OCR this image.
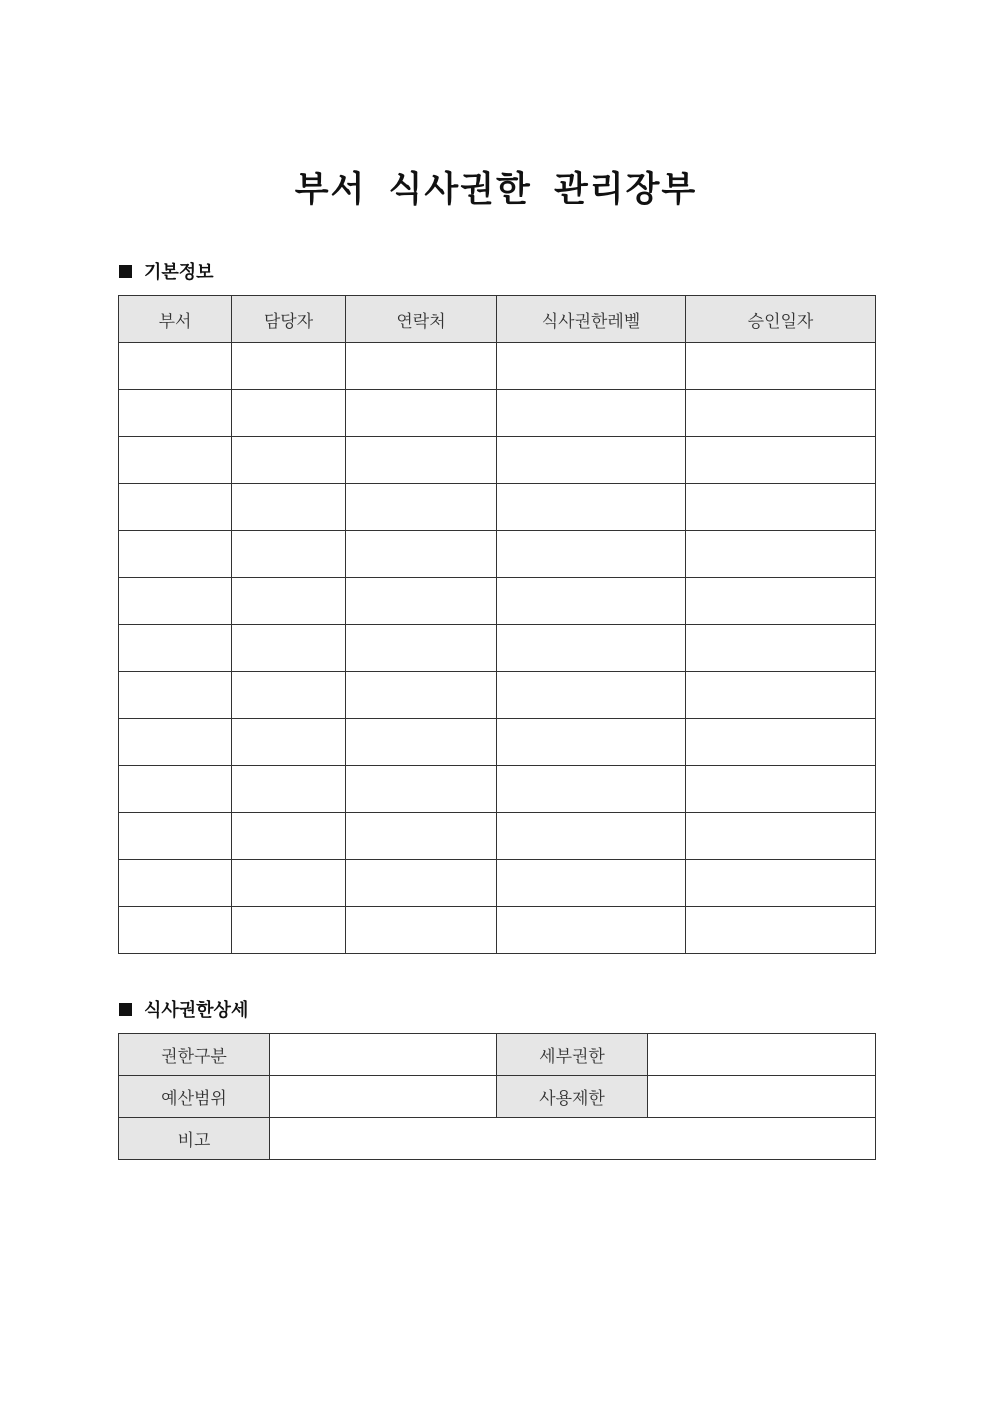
부서 식사권한 관리장부
기본정보
부서	담당자	연락처	식사권한레벨	승인일자

식사권한상세
권한구분		세부권한	
예산범위		사용제한	
비고			
